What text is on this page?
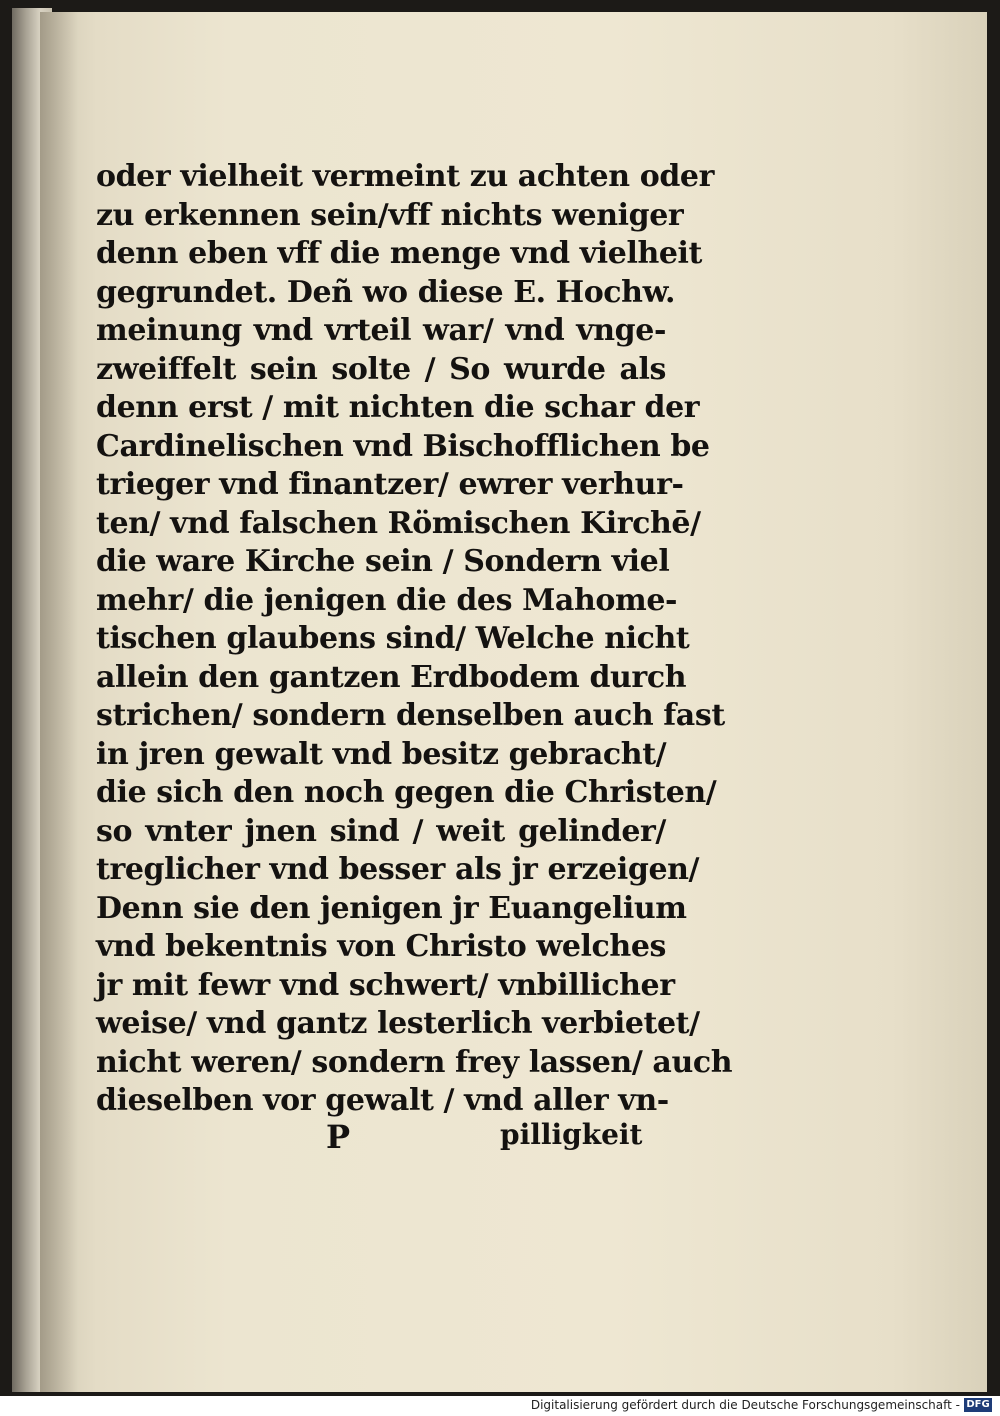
oder vielheit vermeint zu achten oder
zu erkennen sein/vff nichts weniger
denn eben vff die menge vnd vielheit
gegrundet. Deñ wo diese E. Hochw.
meinung vnd vrteil war/ vnd vnge-
zweiffelt sein solte / So wurde als
denn erst / mit nichten die schar der
Cardinelischen vnd Bischofflichen be
trieger vnd finantzer/ ewrer verhur-
ten/ vnd falschen Römischen Kirchē/
die ware Kirche sein / Sondern viel
mehr/ die jenigen die des Mahome-
tischen glaubens sind/ Welche nicht
allein den gantzen Erdbodem durch
strichen/ sondern denselben auch fast
in jren gewalt vnd besitz gebracht/
die sich den noch gegen die Christen/
so vnter jnen sind / weit gelinder/
treglicher vnd besser als jr erzeigen/
Denn sie den jenigen jr Euangelium
vnd bekentnis von Christo welches
jr mit fewr vnd schwert/ vnbillicher
weise/ vnd gantz lesterlich verbietet/
nicht weren/ sondern frey lassen/ auch
dieselben vor gewalt / vnd aller vn-
P	pilligkeit
Digitalisierung gefördert durch die Deutsche Forschungsgemeinschaft - DFG
